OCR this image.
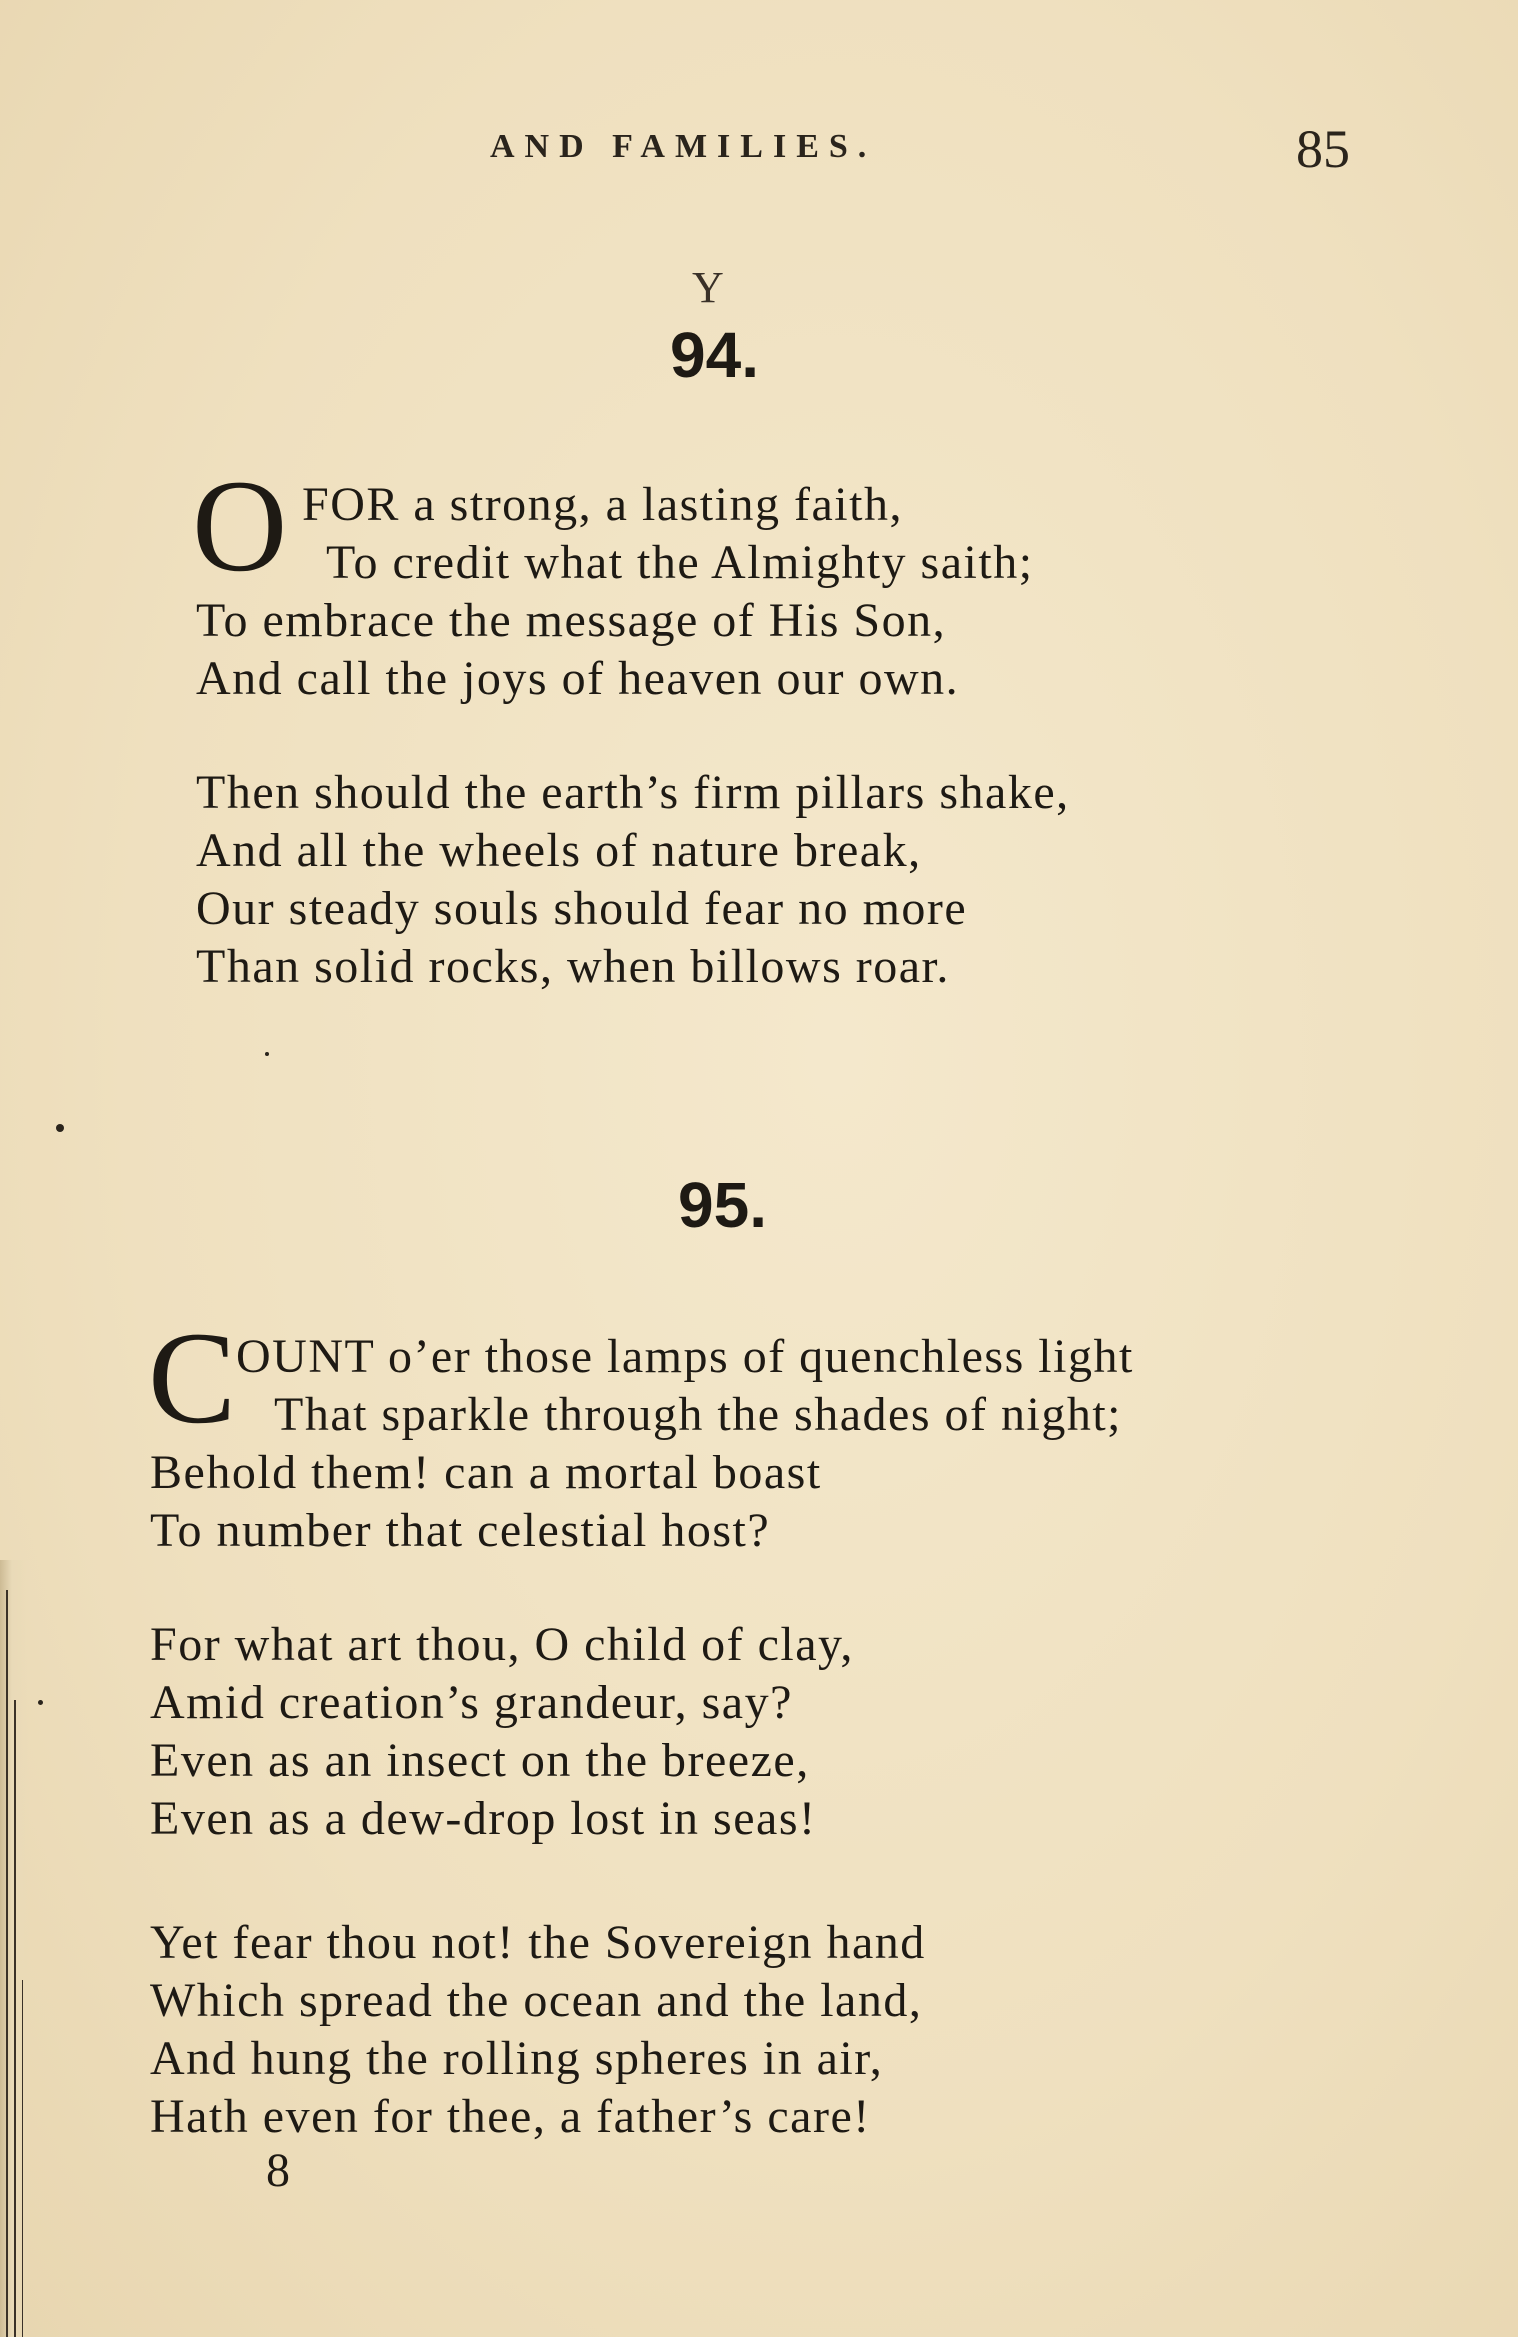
AND FAMILIES.	85
Y
94.
O FOR a strong, a lasting faith,
To credit what the Almighty saith;
To embrace the message of His Son,
And call the joys of heaven our own.
Then should the earth’s firm pillars shake,
And all the wheels of nature break,
Our steady souls should fear no more
Than solid rocks, when billows roar.
95.
C OUNT o’er those lamps of quenchless light
That sparkle through the shades of night;
Behold them! can a mortal boast
To number that celestial host?
For what art thou, O child of clay,
Amid creation’s grandeur, say?
Even as an insect on the breeze,
Even as a dew-drop lost in seas!
Yet fear thou not! the Sovereign hand
Which spread the ocean and the land,
And hung the rolling spheres in air,
Hath even for thee, a father’s care!
8
